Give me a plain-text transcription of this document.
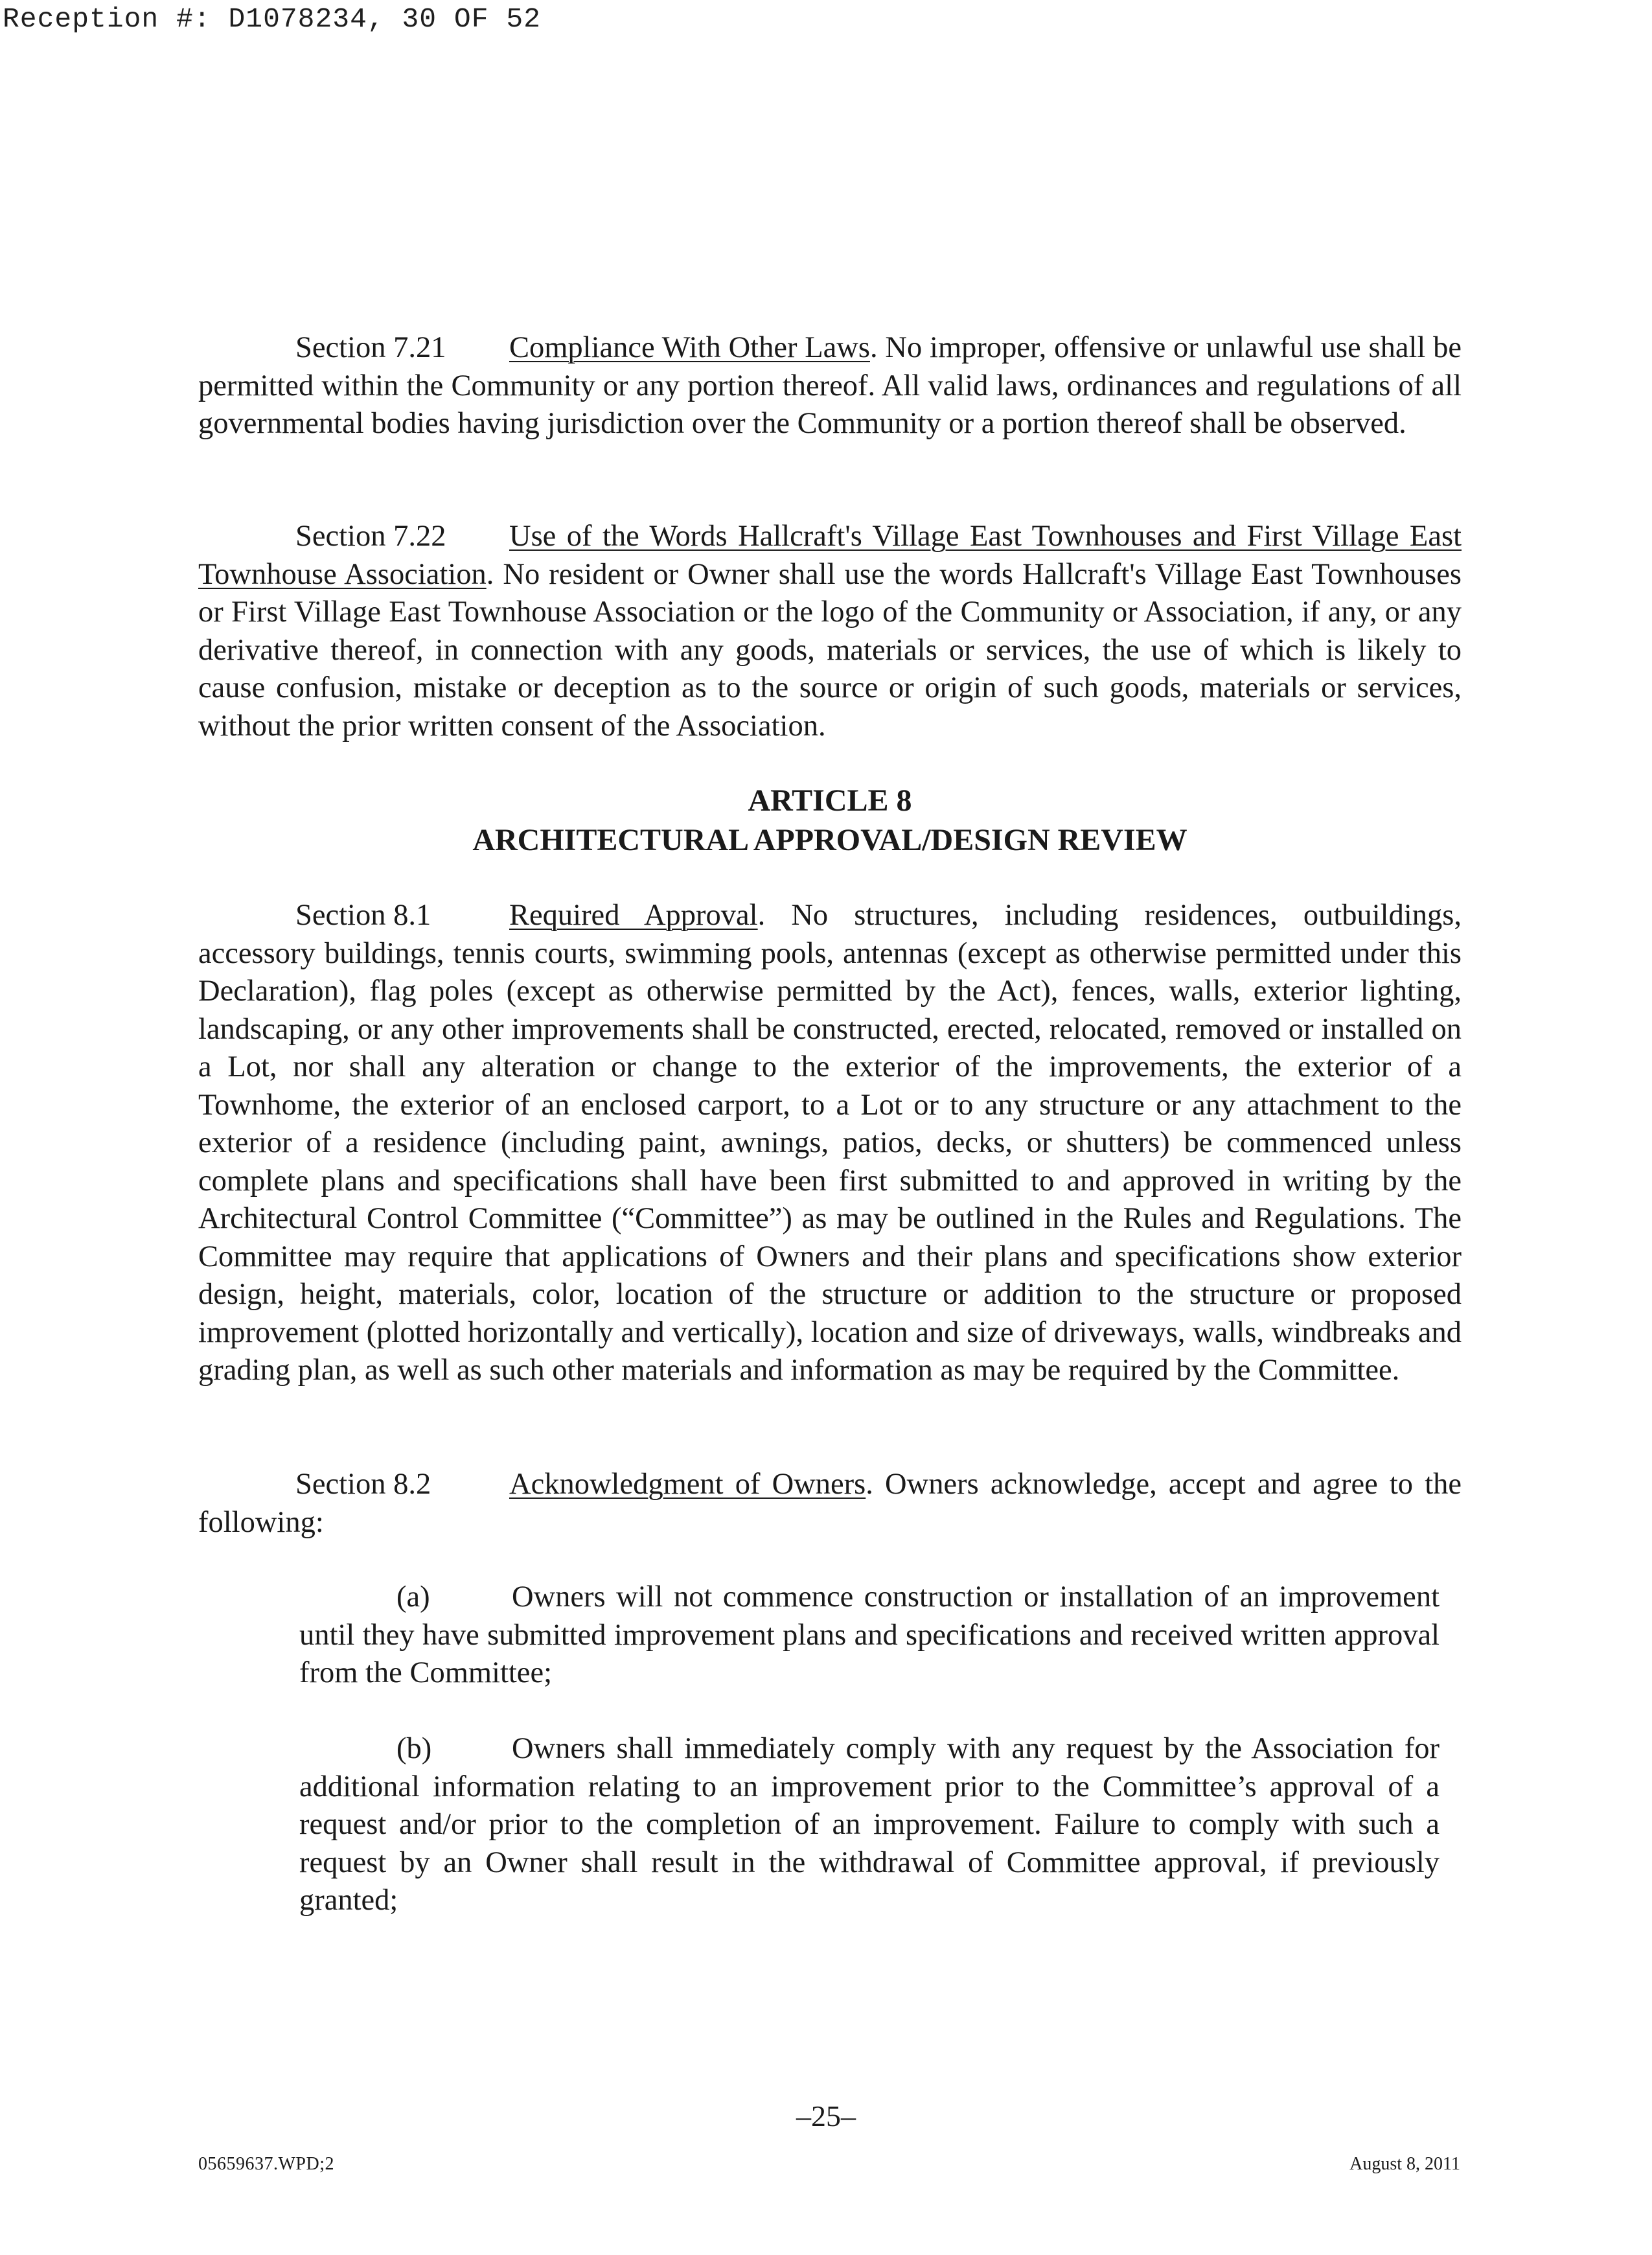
Reception #: D1078234, 30 OF 52

Section 7.21 Compliance With Other Laws. No improper, offensive or unlawful use shall be permitted within the Community or any portion thereof. All valid laws, ordinances and regulations of all governmental bodies having jurisdiction over the Community or a portion thereof shall be observed.

Section 7.22 Use of the Words Hallcraft's Village East Townhouses and First Village East Townhouse Association. No resident or Owner shall use the words Hallcraft's Village East Townhouses or First Village East Townhouse Association or the logo of the Community or Association, if any, or any derivative thereof, in connection with any goods, materials or services, the use of which is likely to cause confusion, mistake or deception as to the source or origin of such goods, materials or services, without the prior written consent of the Association.

ARTICLE 8
ARCHITECTURAL APPROVAL/DESIGN REVIEW

Section 8.1	Required Approval. No structures, including residences, outbuildings, accessory buildings, tennis courts, swimming pools, antennas (except as otherwise permitted under this Declaration), flag poles (except as otherwise permitted by the Act), fences, walls, exterior lighting, landscaping, or any other improvements shall be constructed, erected, relocated, removed or installed on a Lot, nor shall any alteration or change to the exterior of the improvements, the exterior of a Townhome, the exterior of an enclosed carport, to a Lot or to any structure or any attachment to the exterior of a residence (including paint, awnings, patios, decks, or shutters) be commenced unless complete plans and specifications shall have been first submitted to and approved in writing by the Architectural Control Committee (“Committee”) as may be outlined in the Rules and Regulations. The Committee may require that applications of Owners and their plans and specifications show exterior design, height, materials, color, location of the structure or addition to the structure or proposed improvement (plotted horizontally and vertically), location and size of driveways, walls, windbreaks and grading plan, as well as such other materials and information as may be required by the Committee.

Section 8.2	Acknowledgment of Owners. Owners acknowledge, accept and agree to the following:

(a)	Owners will not commence construction or installation of an improvement until they have submitted improvement plans and specifications and received written approval from the Committee;

(b)	Owners shall immediately comply with any request by the Association for additional information relating to an improvement prior to the Committee’s approval of a request and/or prior to the completion of an improvement. Failure to comply with such a request by an Owner shall result in the withdrawal of Committee approval, if previously granted;

–25–
05659637.WPD;2	August 8, 2011
